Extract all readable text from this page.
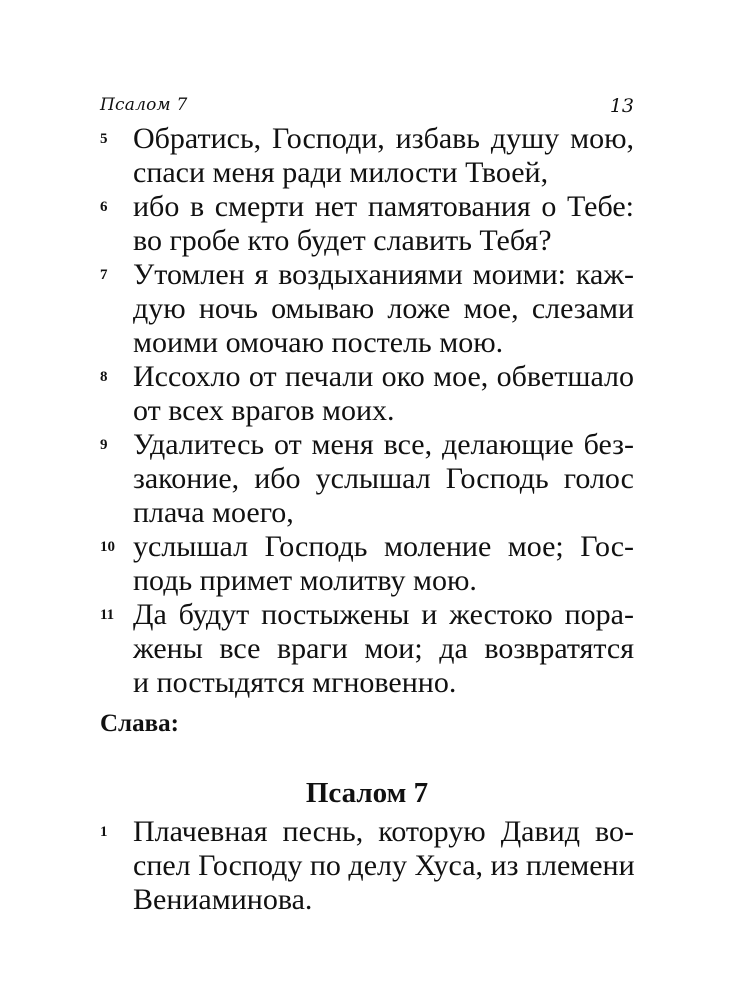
Псалом 7	13
5 Обратись, Господи, избавь душу мою,
спаси меня ради милости Твоей,
6 ибо в смерти нет памятования о Тебе:
во гробе кто будет славить Тебя?
7 Утомлен я воздыханиями моими: каж-
дую ночь омываю ложе мое, слезами
моими омочаю постель мою.
8 Иссохло от печали око мое, обветшало
от всех врагов моих.
9 Удалитесь от меня все, делающие без-
законие, ибо услышал Господь голос
плача моего,
10 услышал Господь моление мое; Гос-
подь примет молитву мою.
11 Да будут постыжены и жестоко пора-
жены все враги мои; да возвратятся
и постыдятся мгновенно.
Слава:
Псалом 7
1 Плачевная песнь, которую Давид во-
спел Господу по делу Хуса, из племени
Вениаминова.
